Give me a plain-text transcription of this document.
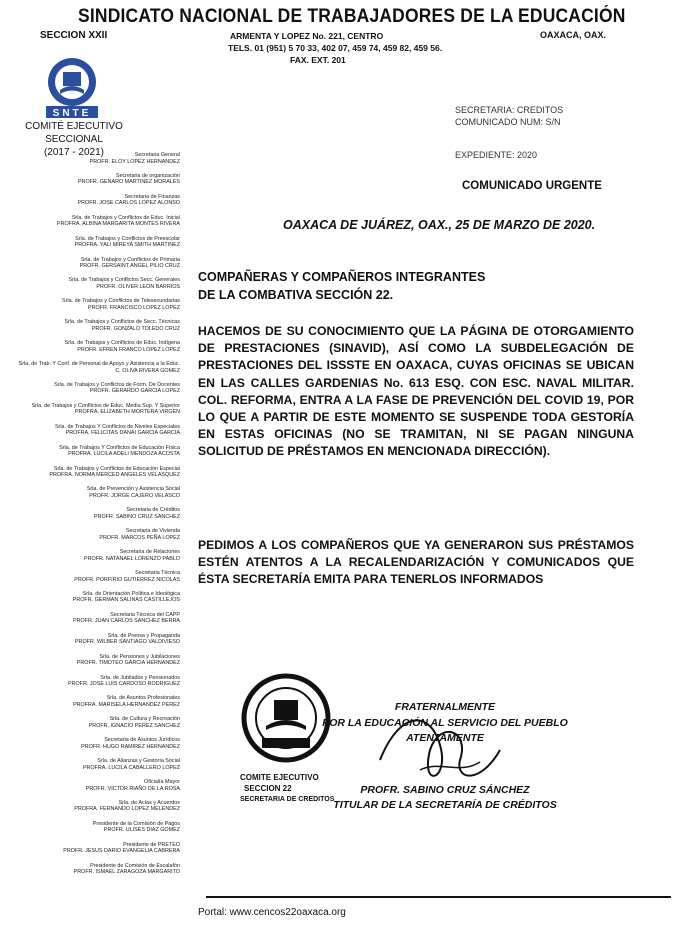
SINDICATO NACIONAL DE TRABAJADORES DE LA EDUCACIÓN
SECCION XXII	ARMENTA Y LOPEZ No. 221, CENTRO
TELS. 01 (951) 5 70 33, 402 07, 459 74, 459 82, 459 56.
FAX. EXT. 201
OAXACA, OAX.
SNTE
COMITÉ EJECUTIVO SECCIONAL
(2017 - 2021)	Secretaria General
PROFR. ELOY LOPEZ HERNANDEZ
Secretaria de organización
PROFR. GENARO MARTINEZ MORALES
Secretaria de Finanzas
PROFR. JOSE CARLOS LOPEZ ALONSO
Srla. de Trabajos y Conflictos de Educ. Inicial
PROFRA. ALBINA MARGARITA MONTES RIVERA
Srla. de Trabajos y Conflictos de Preescolar
PROFRA. YALI MIREYA SMITH MARTINEZ
Srla. de Trabajos y Conflictos de Primaria
PROFR. GERSAINT ANGEL PILIO CRUZ
Srla. de Trabajos y Conflictos Secc. Generales
PROFR. OLIVER LEON BARRIOS
Srla. de Trabajos y Conflictos de Telesecundarias
PROFR. FRANCISCO LOPEZ LOPEZ
Srla. de Trabajos y Conflictos de Secc. Técnicas
PROFR. GONZALO TOLEDO CRUZ
Srla. de Trabajos y Conflictos de Educ. Indígena
PROFR. EFREN FRANCO LOPEZ LOPEZ
Srla. de Trab. Y Conf. de Personal de Apoyo y Asistencia a la Educ.
C. OLIVA RIVERA GOMEZ
Srla. de Trabajos y Conflictos de Form. De Docentes
PROFR. GERARDO GARCIA LOPEZ
Srla. de Trabajos y Conflictos de Educ. Media Sup. Y Superior
PROFRA. ELIZABETH MORTERA VIRGEN
Srla. de Trabajos Y Conflictos de Niveles Especiales
PROFRA. FELICITAS DANAI GARCIA GARCIA
Srla. de Trabajos Y Conflictos de Educación Física
PROFRA. LUCILA ADELI MENDOZA ACOSTA
Srla. de Trabajos y Conflictos de Educación Especial
PROFRA. NORMA MERCED ANGELES VELASQUEZ
Srla. de Prevención y Asistencia Social
PROFR. JORGE CAJERO VELASCO
Secretaria de Créditos
PROFR. SABINO CRUZ SANCHEZ
Secretaria de Vivienda
PROFR. MARCOS PEÑA LOPEZ
Secretaria de Relaciones
PROFR. NATANAEL LORENZO PABLO
Secretaria Técnica
PROFR. PORFIRIO GUTIERREZ NICOLAS
Srla. de Orientación Política e Ideológica
PROFR. GERMAN SALINAS CASTILLEJOS
Secretaria Técnica del CAPP
PROFR. JUAN CARLOS SANCHEZ BERRA
Srla. de Prensa y Propaganda
PROFR. WILBER SANTIAGO VALDIVIESO
Srla. de Pensiones y Jubilaciones
PROFR. TIMOTEO GARCIA HERNANDEZ
Srla. de Jubilados y Pensionados
PROFR. JOSE LUIS CARDOSO RODRIGUEZ
Srla. de Asuntos Profesionales
PROFRA. MARISELA HERNANDEZ PEREZ
Srla. de Cultura y Recreación
PROFR. IGNACIO PEREZ SANCHEZ
Secretaria de Asuntos Jurídicos
PROFR. HUGO RAMIREZ HERNANDEZ
Srla. de Alianzas y Gestoría Social
PROFRA. LUCILA CABALLERO LOPEZ
Oficialía Mayor
PROFR. VICTOR RIAÑO DE LA ROSA
Srla. de Actas y Acuerdos
PROFRA. FERNANDO LOPEZ MELENDEZ
Presidente de la Comisión de Pagos
PROFR. ULISES DIAZ GOMEZ
Presidente de PRETEO
PROFR. JESUS DARIO EVANGELIA CABRERA
Presidente de Comisión de Escalafón
PROFR. ISMAEL ZARAGOZA MARGARITO
SECRETARIA: CREDITOS
COMUNICADO NUM: S/N
EXPEDIENTE: 2020
COMUNICADO URGENTE
OAXACA DE JUÁREZ, OAX., 25 DE MARZO DE 2020.
COMPAÑERAS Y COMPAÑEROS INTEGRANTES
DE LA COMBATIVA SECCIÓN 22.
HACEMOS DE SU CONOCIMIENTO QUE LA PÁGINA DE OTORGAMIENTO DE PRESTACIONES (SINAVID), ASÍ COMO LA SUBDELEGACIÓN DE PRESTACIONES DEL ISSSTE EN OAXACA, CUYAS OFICINAS SE UBICAN EN LAS CALLES GARDENIAS No. 613 ESQ. CON ESC. NAVAL MILITAR. COL. REFORMA, ENTRA A LA FASE DE PREVENCIÓN DEL COVID 19, POR LO QUE A PARTIR DE ESTE MOMENTO SE SUSPENDE TODA GESTORÍA EN ESTAS OFICINAS (NO SE TRAMITAN, NI SE PAGAN NINGUNA SOLICITUD DE PRÉSTAMOS EN MENCIONADA DIRECCIÓN).
PEDIMOS A LOS COMPAÑEROS QUE YA GENERARON SUS PRÉSTAMOS ESTÉN ATENTOS A LA RECALENDARIZACIÓN Y COMUNICADOS QUE ÉSTA SECRETARÍA EMITA PARA TENERLOS INFORMADOS
COMITE EJECUTIVO
SECCION 22
SECRETARIA DE CREDITOS
FRATERNALMENTE
POR LA EDUCACIÓN AL SERVICIO DEL PUEBLO
ATENTAMENTE
PROFR. SABINO CRUZ SÁNCHEZ
TITULAR DE LA SECRETARÍA DE CRÉDITOS
Portal: www.cencos22oaxaca.org
